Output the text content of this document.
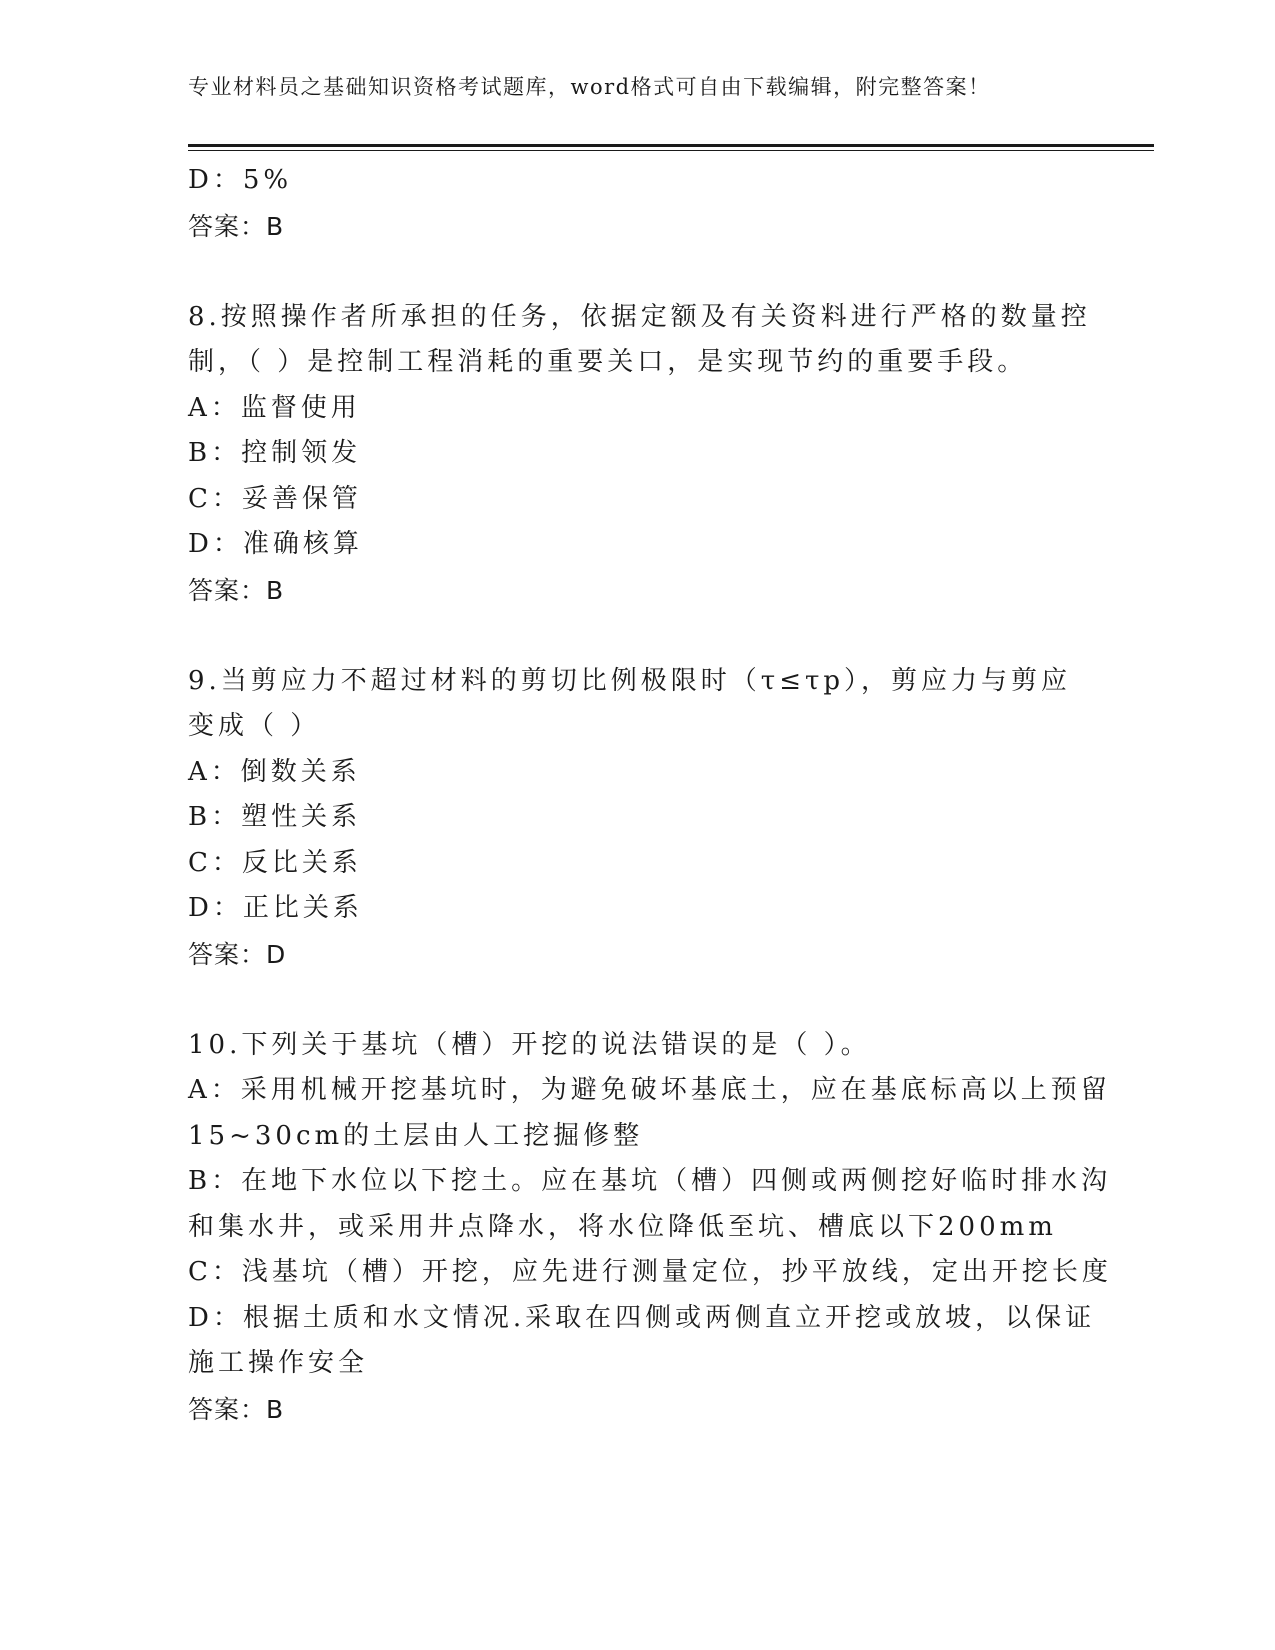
专业材料员之基础知识资格考试题库，word格式可自由下载编辑，附完整答案！
D：5%
答案：B
8.按照操作者所承担的任务，依据定额及有关资料进行严格的数量控
制，（ ）是控制工程消耗的重要关口，是实现节约的重要手段。
A：监督使用
B：控制领发
C：妥善保管
D：准确核算
答案：B
9.当剪应力不超过材料的剪切比例极限时（τ≤τp），剪应力与剪应
变成（ ）
A：倒数关系
B：塑性关系
C：反比关系
D：正比关系
答案：D
10.下列关于基坑（槽）开挖的说法错误的是（ ）。
A：采用机械开挖基坑时，为避免破坏基底土，应在基底标高以上预留
15~30cm的土层由人工挖掘修整
B：在地下水位以下挖土。应在基坑（槽）四侧或两侧挖好临时排水沟
和集水井，或采用井点降水，将水位降低至坑、槽底以下200mm
C：浅基坑（槽）开挖，应先进行测量定位，抄平放线，定出开挖长度
D：根据土质和水文情况.采取在四侧或两侧直立开挖或放坡，以保证
施工操作安全
答案：B
